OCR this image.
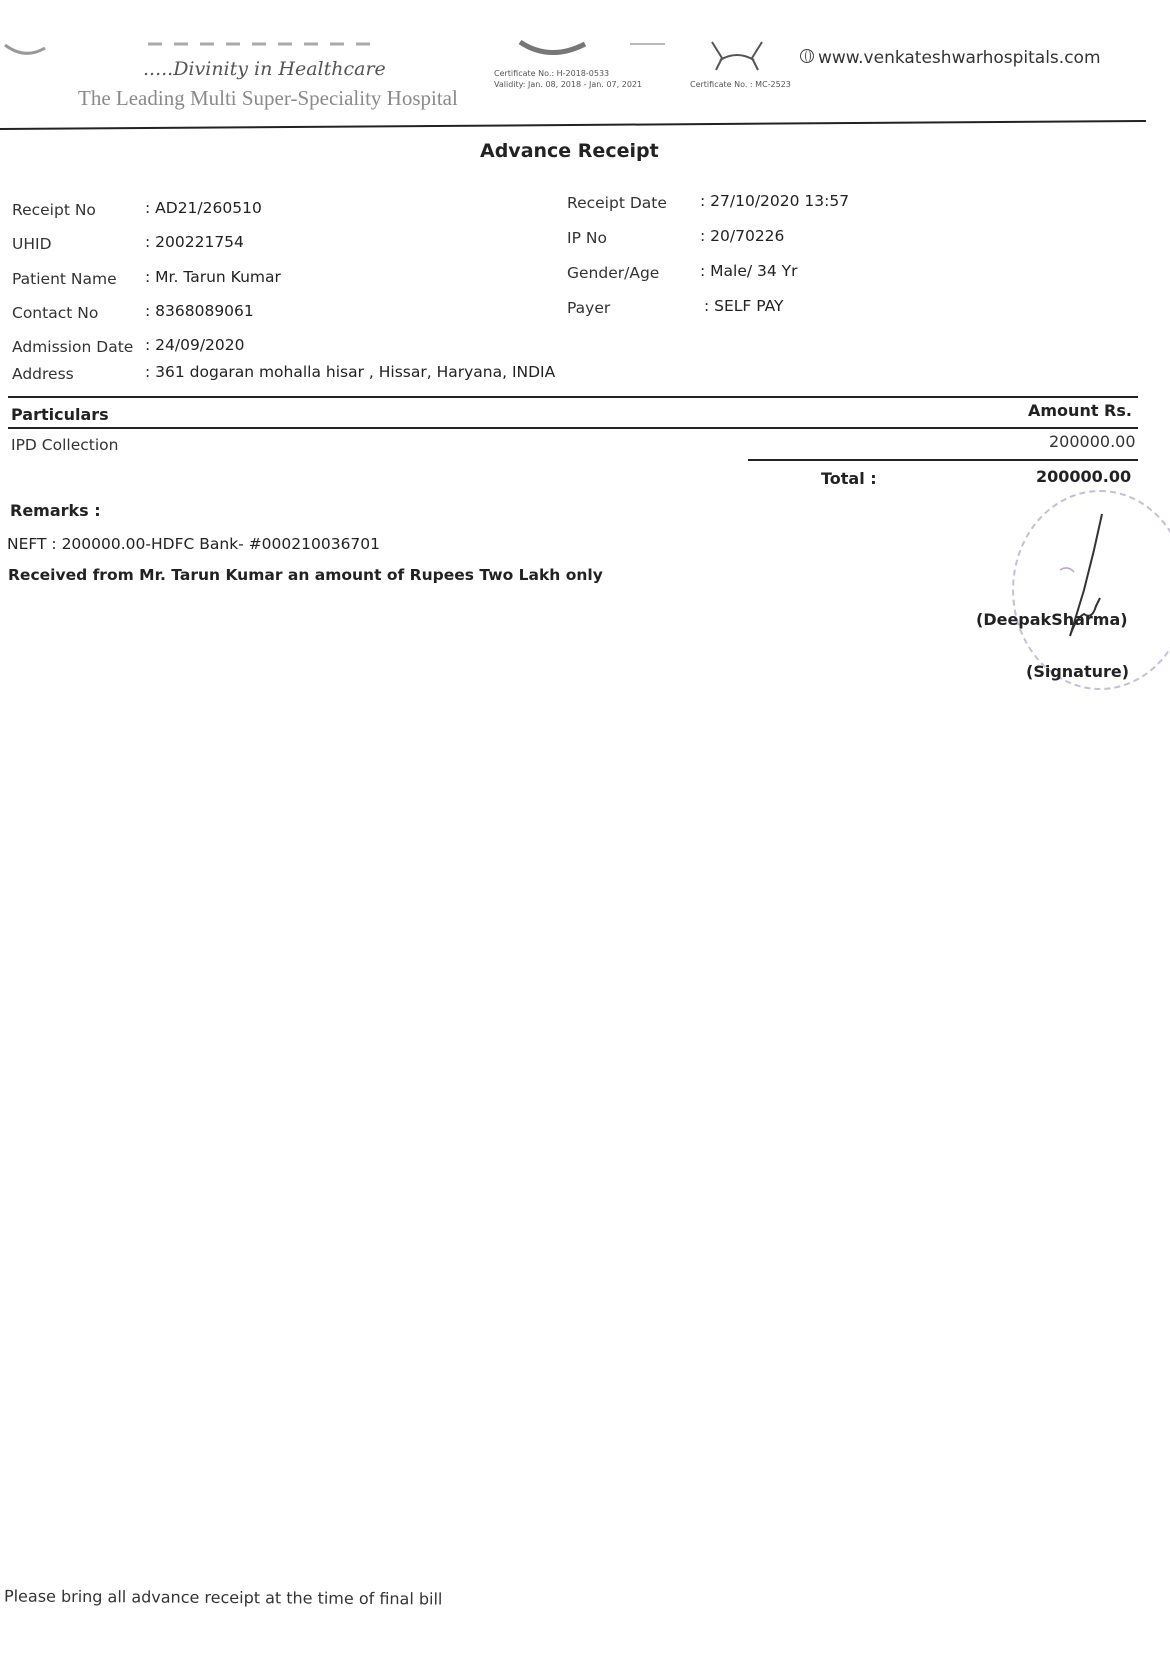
.....Divinity in Healthcare
The Leading Multi Super-Speciality Hospital
Certificate No.: H-2018-0533
Validity: Jan. 08, 2018 - Jan. 07, 2021	Certificate No. : MC-2523
www.venkateshwarhospitals.com
Advance Receipt
Receipt No	: AD21/260510
UHID	: 200221754
Patient Name : Mr. Tarun Kumar
Contact No	: 8368089061
Admission Date : 24/09/2020
Address	: 361 dogaran mohalla hisar , Hissar, Haryana, INDIA
Receipt Date : 27/10/2020 13:57
IP No	: 20/70226
Gender/Age	: Male/ 34 Yr
Payer	: SELF PAY
Particulars	Amount Rs.
IPD Collection	200000.00
Total :	200000.00
Remarks :
NEFT : 200000.00-HDFC Bank- #000210036701
Received from Mr. Tarun Kumar an amount of Rupees Two Lakh only
(DeepakSharma)
(Signature)
Please bring all advance receipt at the time of final bill
